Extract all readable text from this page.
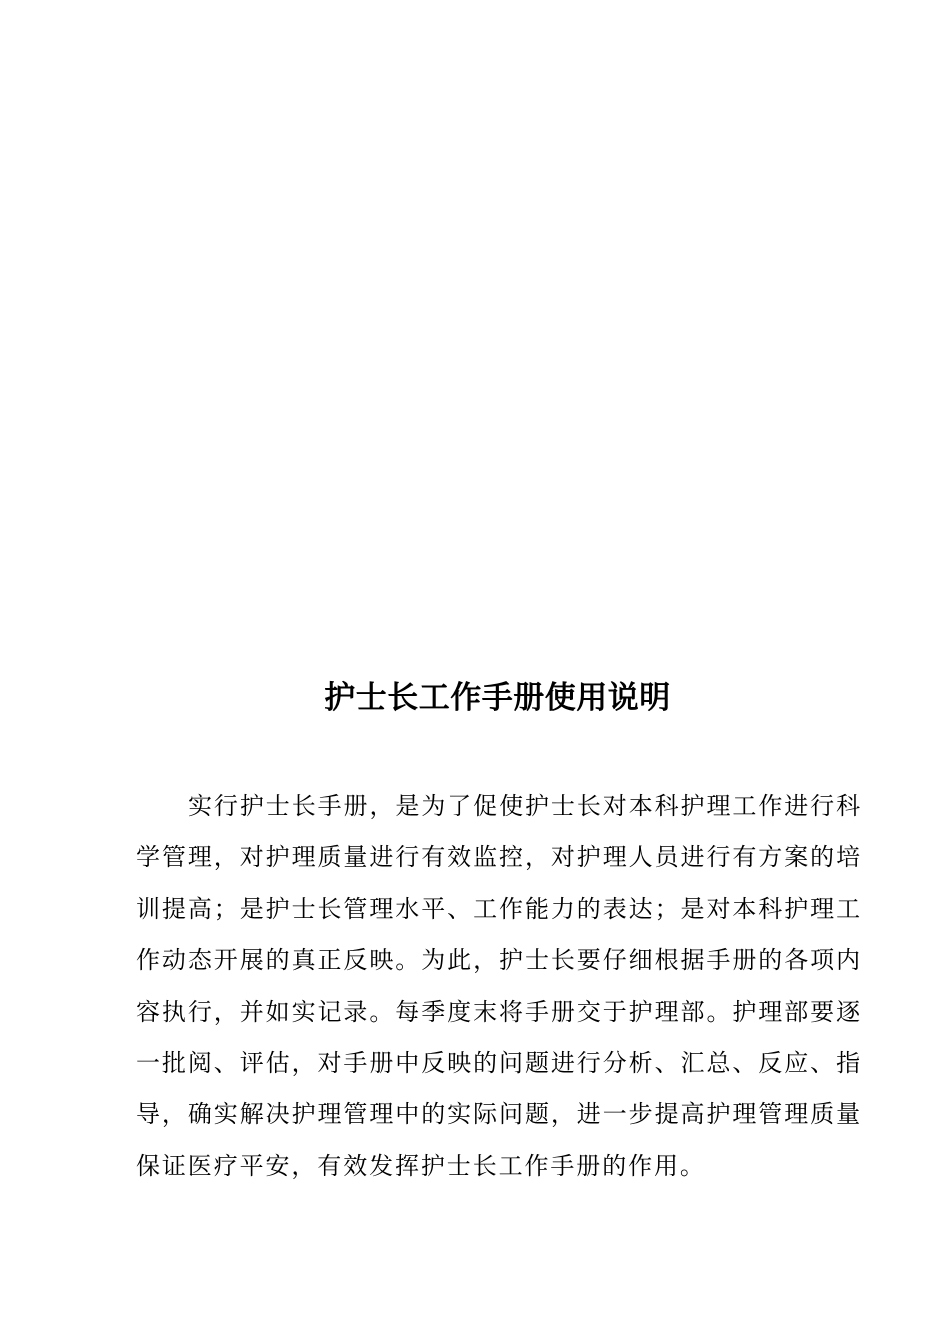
护士长工作手册使用说明

实行护士长手册，是为了促使护士长对本科护理工作进行科学管理，对护理质量进行有效监控，对护理人员进行有方案的培训提高；是护士长管理水平、工作能力的表达；是对本科护理工作动态开展的真正反映。为此，护士长要仔细根据手册的各项内容执行，并如实记录。每季度末将手册交于护理部。护理部要逐一批阅、评估，对手册中反映的问题进行分析、汇总、反应、指导，确实解决护理管理中的实际问题，进一步提高护理管理质量保证医疗平安，有效发挥护士长工作手册的作用。
